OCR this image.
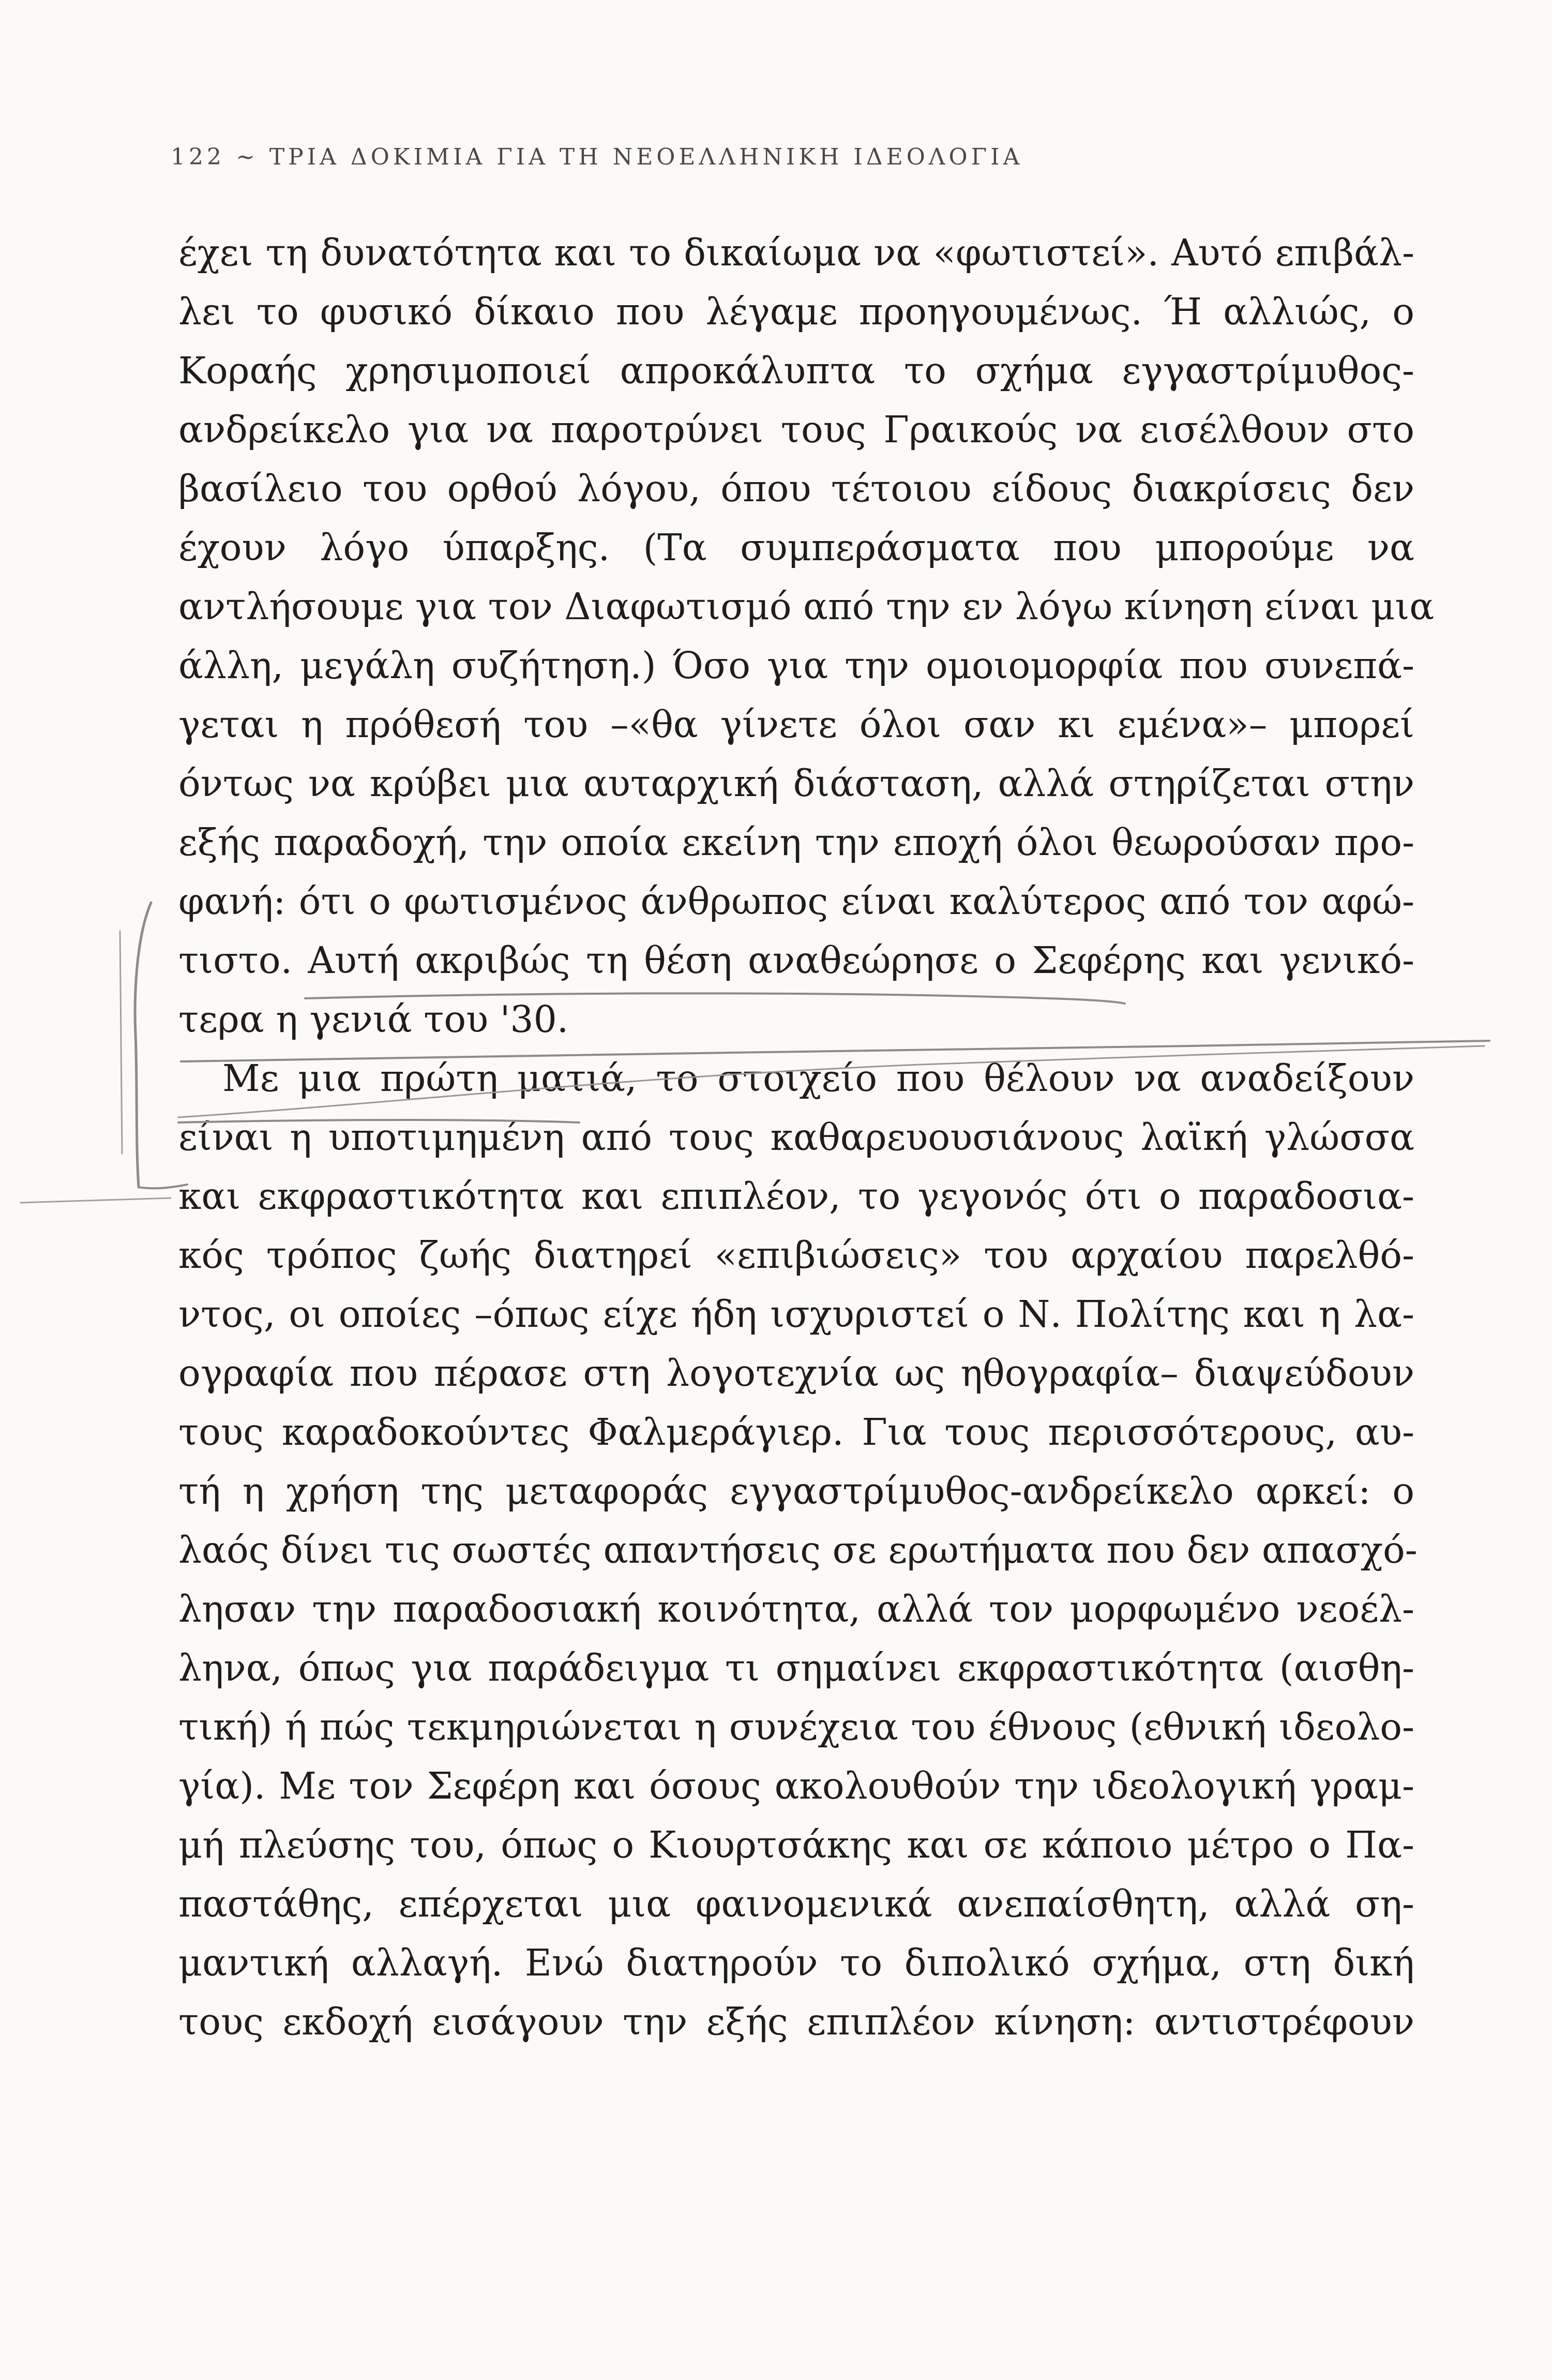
122 ~ ΤΡΙΑ ΔΟΚΙΜΙΑ ΓΙΑ ΤΗ ΝΕΟΕΛΛΗΝΙΚΗ ΙΔΕΟΛΟΓΙΑ
έχει τη δυνατότητα και το δικαίωμα να «φωτιστεί». Αυτό επιβάλ-
λει το φυσικό δίκαιο που λέγαμε προηγουμένως. Ή αλλιώς, ο
Κοραής χρησιμοποιεί απροκάλυπτα το σχήμα εγγαστρίμυθος-
ανδρείκελο για να παροτρύνει τους Γραικούς να εισέλθουν στο
βασίλειο του ορθού λόγου, όπου τέτοιου είδους διακρίσεις δεν
έχουν λόγο ύπαρξης. (Τα συμπεράσματα που μπορούμε να
αντλήσουμε για τον Διαφωτισμό από την εν λόγω κίνηση είναι μια
άλλη, μεγάλη συζήτηση.) Όσο για την ομοιομορφία που συνεπά-
γεται η πρόθεσή του –«θα γίνετε όλοι σαν κι εμένα»– μπορεί
όντως να κρύβει μια αυταρχική διάσταση, αλλά στηρίζεται στην
εξής παραδοχή, την οποία εκείνη την εποχή όλοι θεωρούσαν προ-
φανή: ότι ο φωτισμένος άνθρωπος είναι καλύτερος από τον αφώ-
τιστο. Αυτή ακριβώς τη θέση αναθεώρησε ο Σεφέρης και γενικό-
τερα η γενιά του '30.
Με μια πρώτη ματιά, το στοιχείο που θέλουν να αναδείξουν
είναι η υποτιμημένη από τους καθαρευουσιάνους λαϊκή γλώσσα
και εκφραστικότητα και επιπλέον, το γεγονός ότι ο παραδοσια-
κός τρόπος ζωής διατηρεί «επιβιώσεις» του αρχαίου παρελθό-
ντος, οι οποίες –όπως είχε ήδη ισχυριστεί ο Ν. Πολίτης και η λα-
ογραφία που πέρασε στη λογοτεχνία ως ηθογραφία– διαψεύδουν
τους καραδοκούντες Φαλμεράγιερ. Για τους περισσότερους, αυ-
τή η χρήση της μεταφοράς εγγαστρίμυθος-ανδρείκελο αρκεί: ο
λαός δίνει τις σωστές απαντήσεις σε ερωτήματα που δεν απασχό-
λησαν την παραδοσιακή κοινότητα, αλλά τον μορφωμένο νεοέλ-
ληνα, όπως για παράδειγμα τι σημαίνει εκφραστικότητα (αισθη-
τική) ή πώς τεκμηριώνεται η συνέχεια του έθνους (εθνική ιδεολο-
γία). Με τον Σεφέρη και όσους ακολουθούν την ιδεολογική γραμ-
μή πλεύσης του, όπως ο Κιουρτσάκης και σε κάποιο μέτρο ο Πα-
παστάθης, επέρχεται μια φαινομενικά ανεπαίσθητη, αλλά ση-
μαντική αλλαγή. Ενώ διατηρούν το διπολικό σχήμα, στη δική
τους εκδοχή εισάγουν την εξής επιπλέον κίνηση: αντιστρέφουν
